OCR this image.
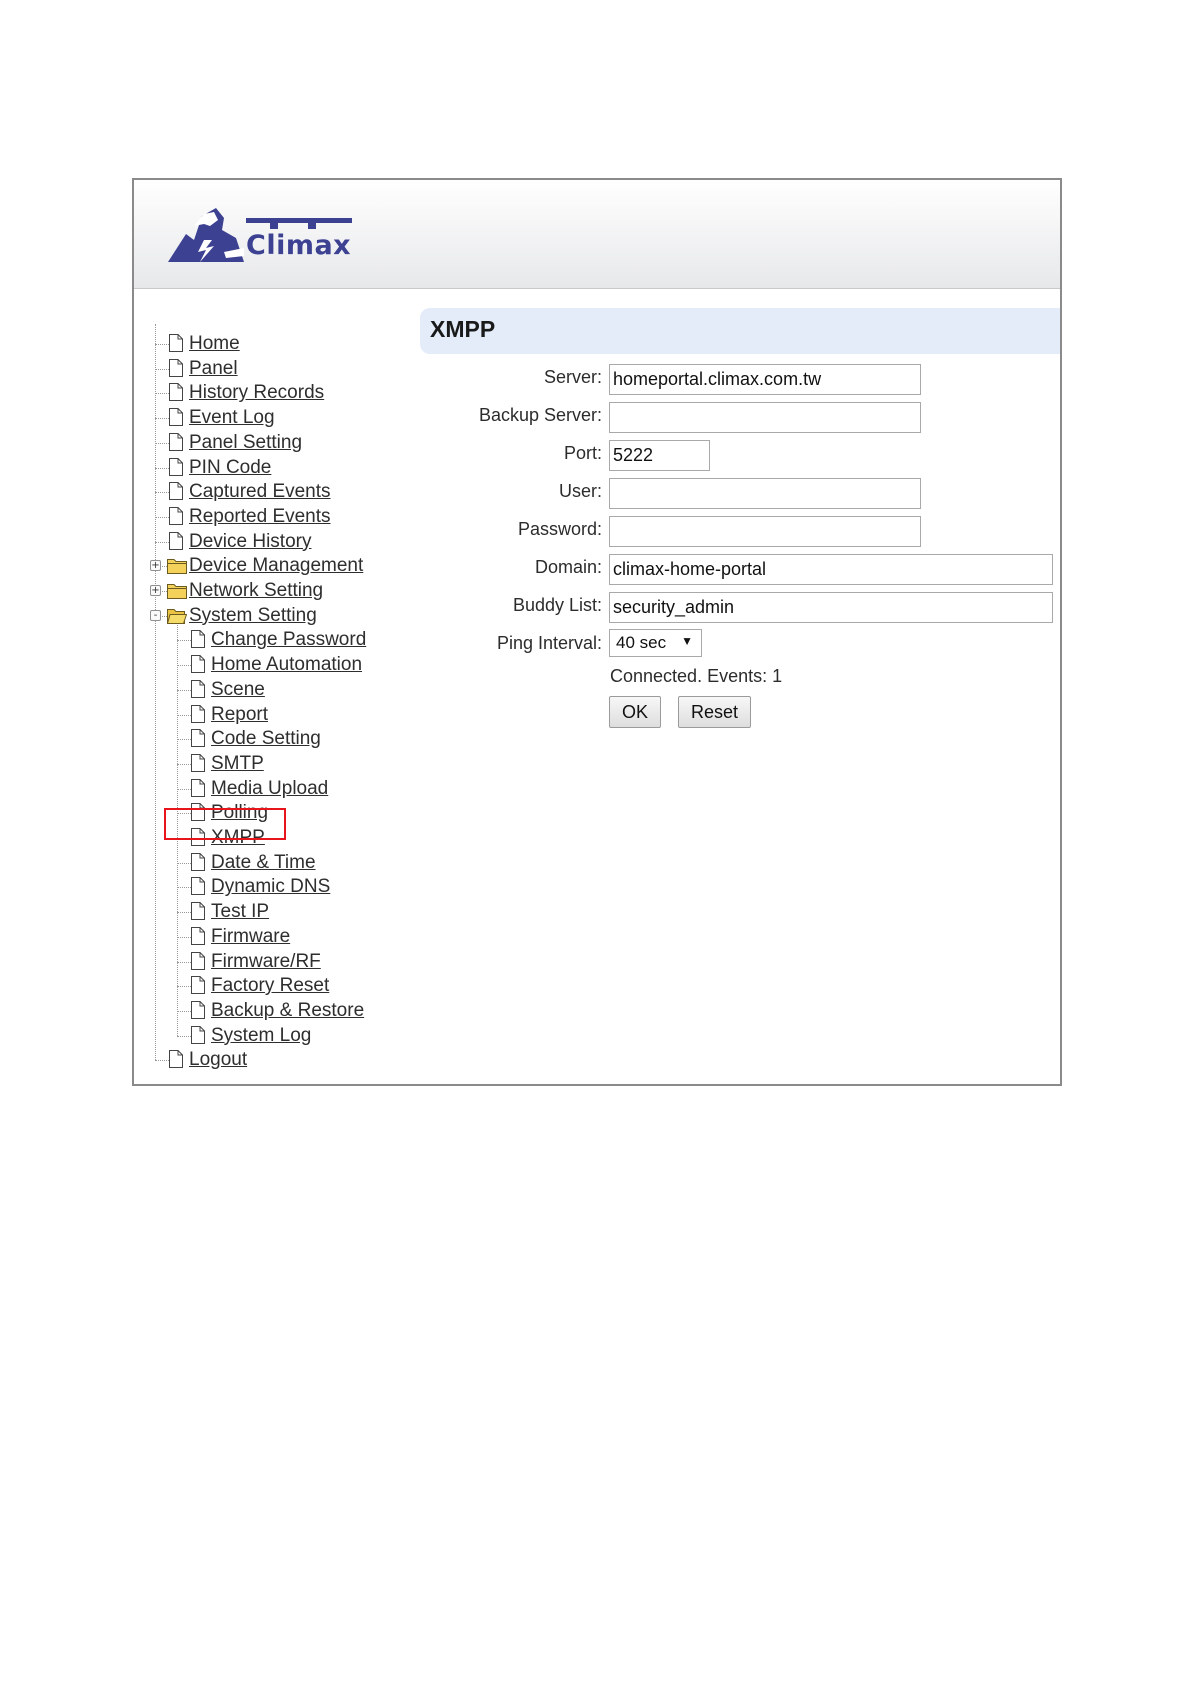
Climax
Home
Panel
History Records
Event Log
Panel Setting
PIN Code
Captured Events
Reported Events
Device History
+ Device Management
+ Network Setting
- System Setting
Change Password
Home Automation
Scene
Report
Code Setting
SMTP
Media Upload
Polling
XMPP
Date & Time
Dynamic DNS
Test IP
Firmware
Firmware/RF
Factory Reset
Backup & Restore
System Log
Logout
XMPP
Server:
homeportal.climax.com.tw
Backup Server:
Port:
5222
User:
Password:
Domain:
climax-home-portal
Buddy List:
security_admin
Ping Interval: 40 sec ▼
Connected. Events: 1
OK	Reset
